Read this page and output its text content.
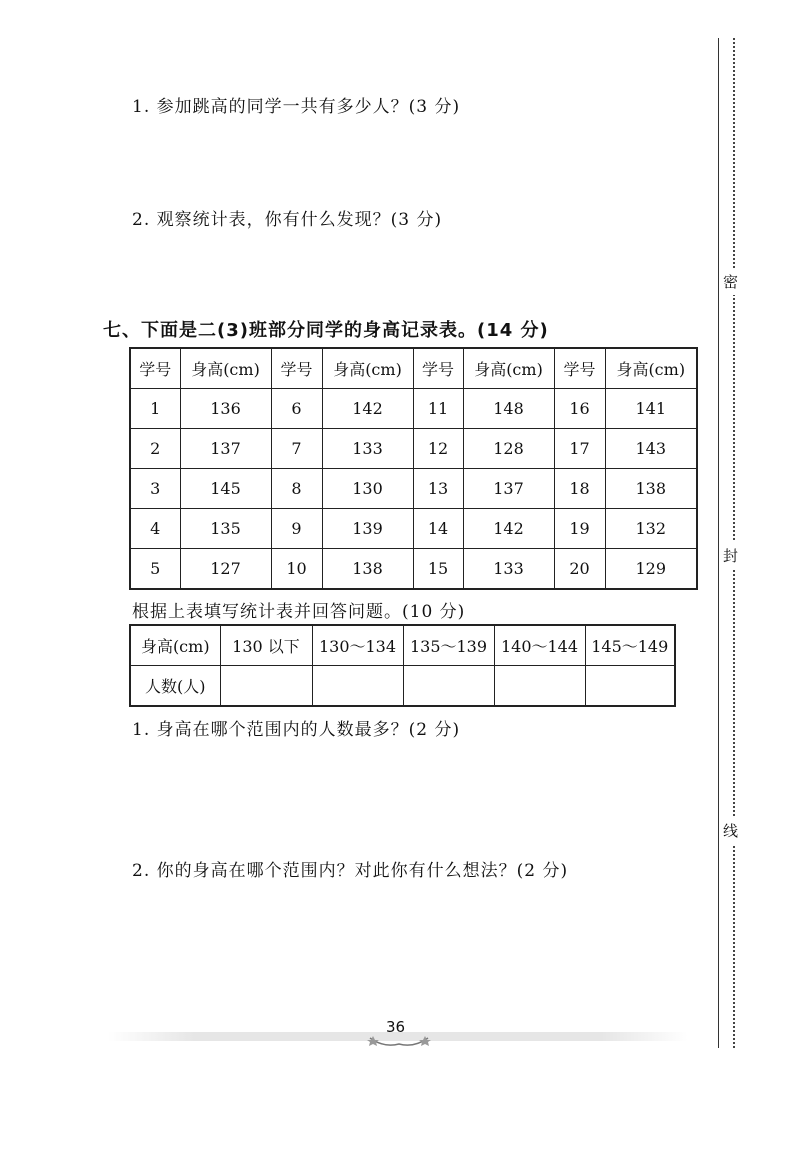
1. 参加跳高的同学一共有多少人？(3 分)
2. 观察统计表，你有什么发现？(3 分)
七、下面是二(3)班部分同学的身高记录表。(14 分)
学号	身高(cm)	学号	身高(cm)	学号	身高(cm)	学号	身高(cm)
1	136	6	142	11	148	16	141
2	137	7	133	12	128	17	143
3	145	8	130	13	137	18	138
4	135	9	139	14	142	19	132
5	127	10	138	15	133	20	129
根据上表填写统计表并回答问题。(10 分)
身高(cm)	130 以下	130～134	135～139	140～144	145～149
人数(人)					
1. 身高在哪个范围内的人数最多？(2 分)
2. 你的身高在哪个范围内？对此你有什么想法？(2 分)
密
封
线
36
